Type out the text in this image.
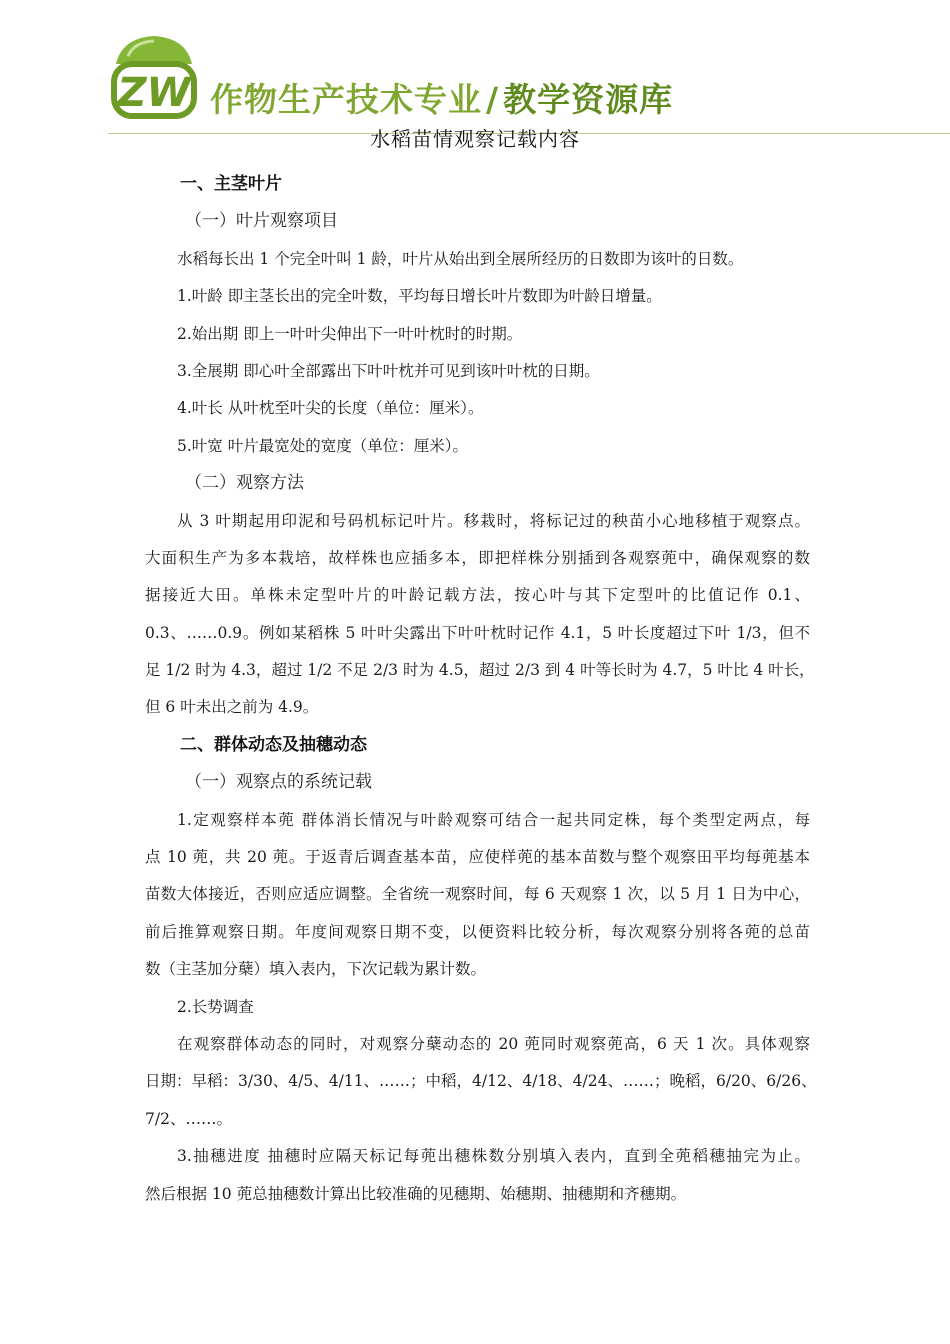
ZW 作物生产技术专业 / 教学资源库
水稻苗情观察记载内容
一、主茎叶片
（一）叶片观察项目
水稻每长出 1 个完全叶叫 1 龄，叶片从始出到全展所经历的日数即为该叶的日数。
1.叶龄 即主茎长出的完全叶数，平均每日增长叶片数即为叶龄日增量。
2.始出期 即上一叶叶尖伸出下一叶叶枕时的时期。
3.全展期 即心叶全部露出下叶叶枕并可见到该叶叶枕的日期。
4.叶长 从叶枕至叶尖的长度（单位：厘米）。
5.叶宽 叶片最宽处的宽度（单位：厘米）。
（二）观察方法
从 3 叶期起用印泥和号码机标记叶片。移栽时，将标记过的秧苗小心地移植于观察点。
大面积生产为多本栽培，故样株也应插多本，即把样株分别插到各观察蔸中，确保观察的数
据接近大田。单株未定型叶片的叶龄记载方法，按心叶与其下定型叶的比值记作 0.1、
0.3、……0.9。例如某稻株 5 叶叶尖露出下叶叶枕时记作 4.1，5 叶长度超过下叶 1/3，但不
足 1/2 时为 4.3，超过 1/2 不足 2/3 时为 4.5，超过 2/3 到 4 叶等长时为 4.7，5 叶比 4 叶长，
但 6 叶未出之前为 4.9。
二、群体动态及抽穗动态
（一）观察点的系统记载
1.定观察样本蔸 群体消长情况与叶龄观察可结合一起共同定株，每个类型定两点，每
点 10 蔸，共 20 蔸。于返青后调查基本苗，应使样蔸的基本苗数与整个观察田平均每蔸基本
苗数大体接近，否则应适应调整。全省统一观察时间，每 6 天观察 1 次，以 5 月 1 日为中心，
前后推算观察日期。年度间观察日期不变，以便资料比较分析，每次观察分别将各蔸的总苗
数（主茎加分蘖）填入表内，下次记载为累计数。
2.长势调查
在观察群体动态的同时，对观察分蘖动态的 20 蔸同时观察蔸高，6 天 1 次。具体观察
日期：早稻：3/30、4/5、4/11、……；中稻，4/12、4/18、4/24、……；晚稻，6/20、6/26、
7/2、……。
3.抽穗进度 抽穗时应隔天标记每蔸出穗株数分别填入表内，直到全蔸稻穗抽完为止。
然后根据 10 蔸总抽穗数计算出比较准确的见穗期、始穗期、抽穗期和齐穗期。
